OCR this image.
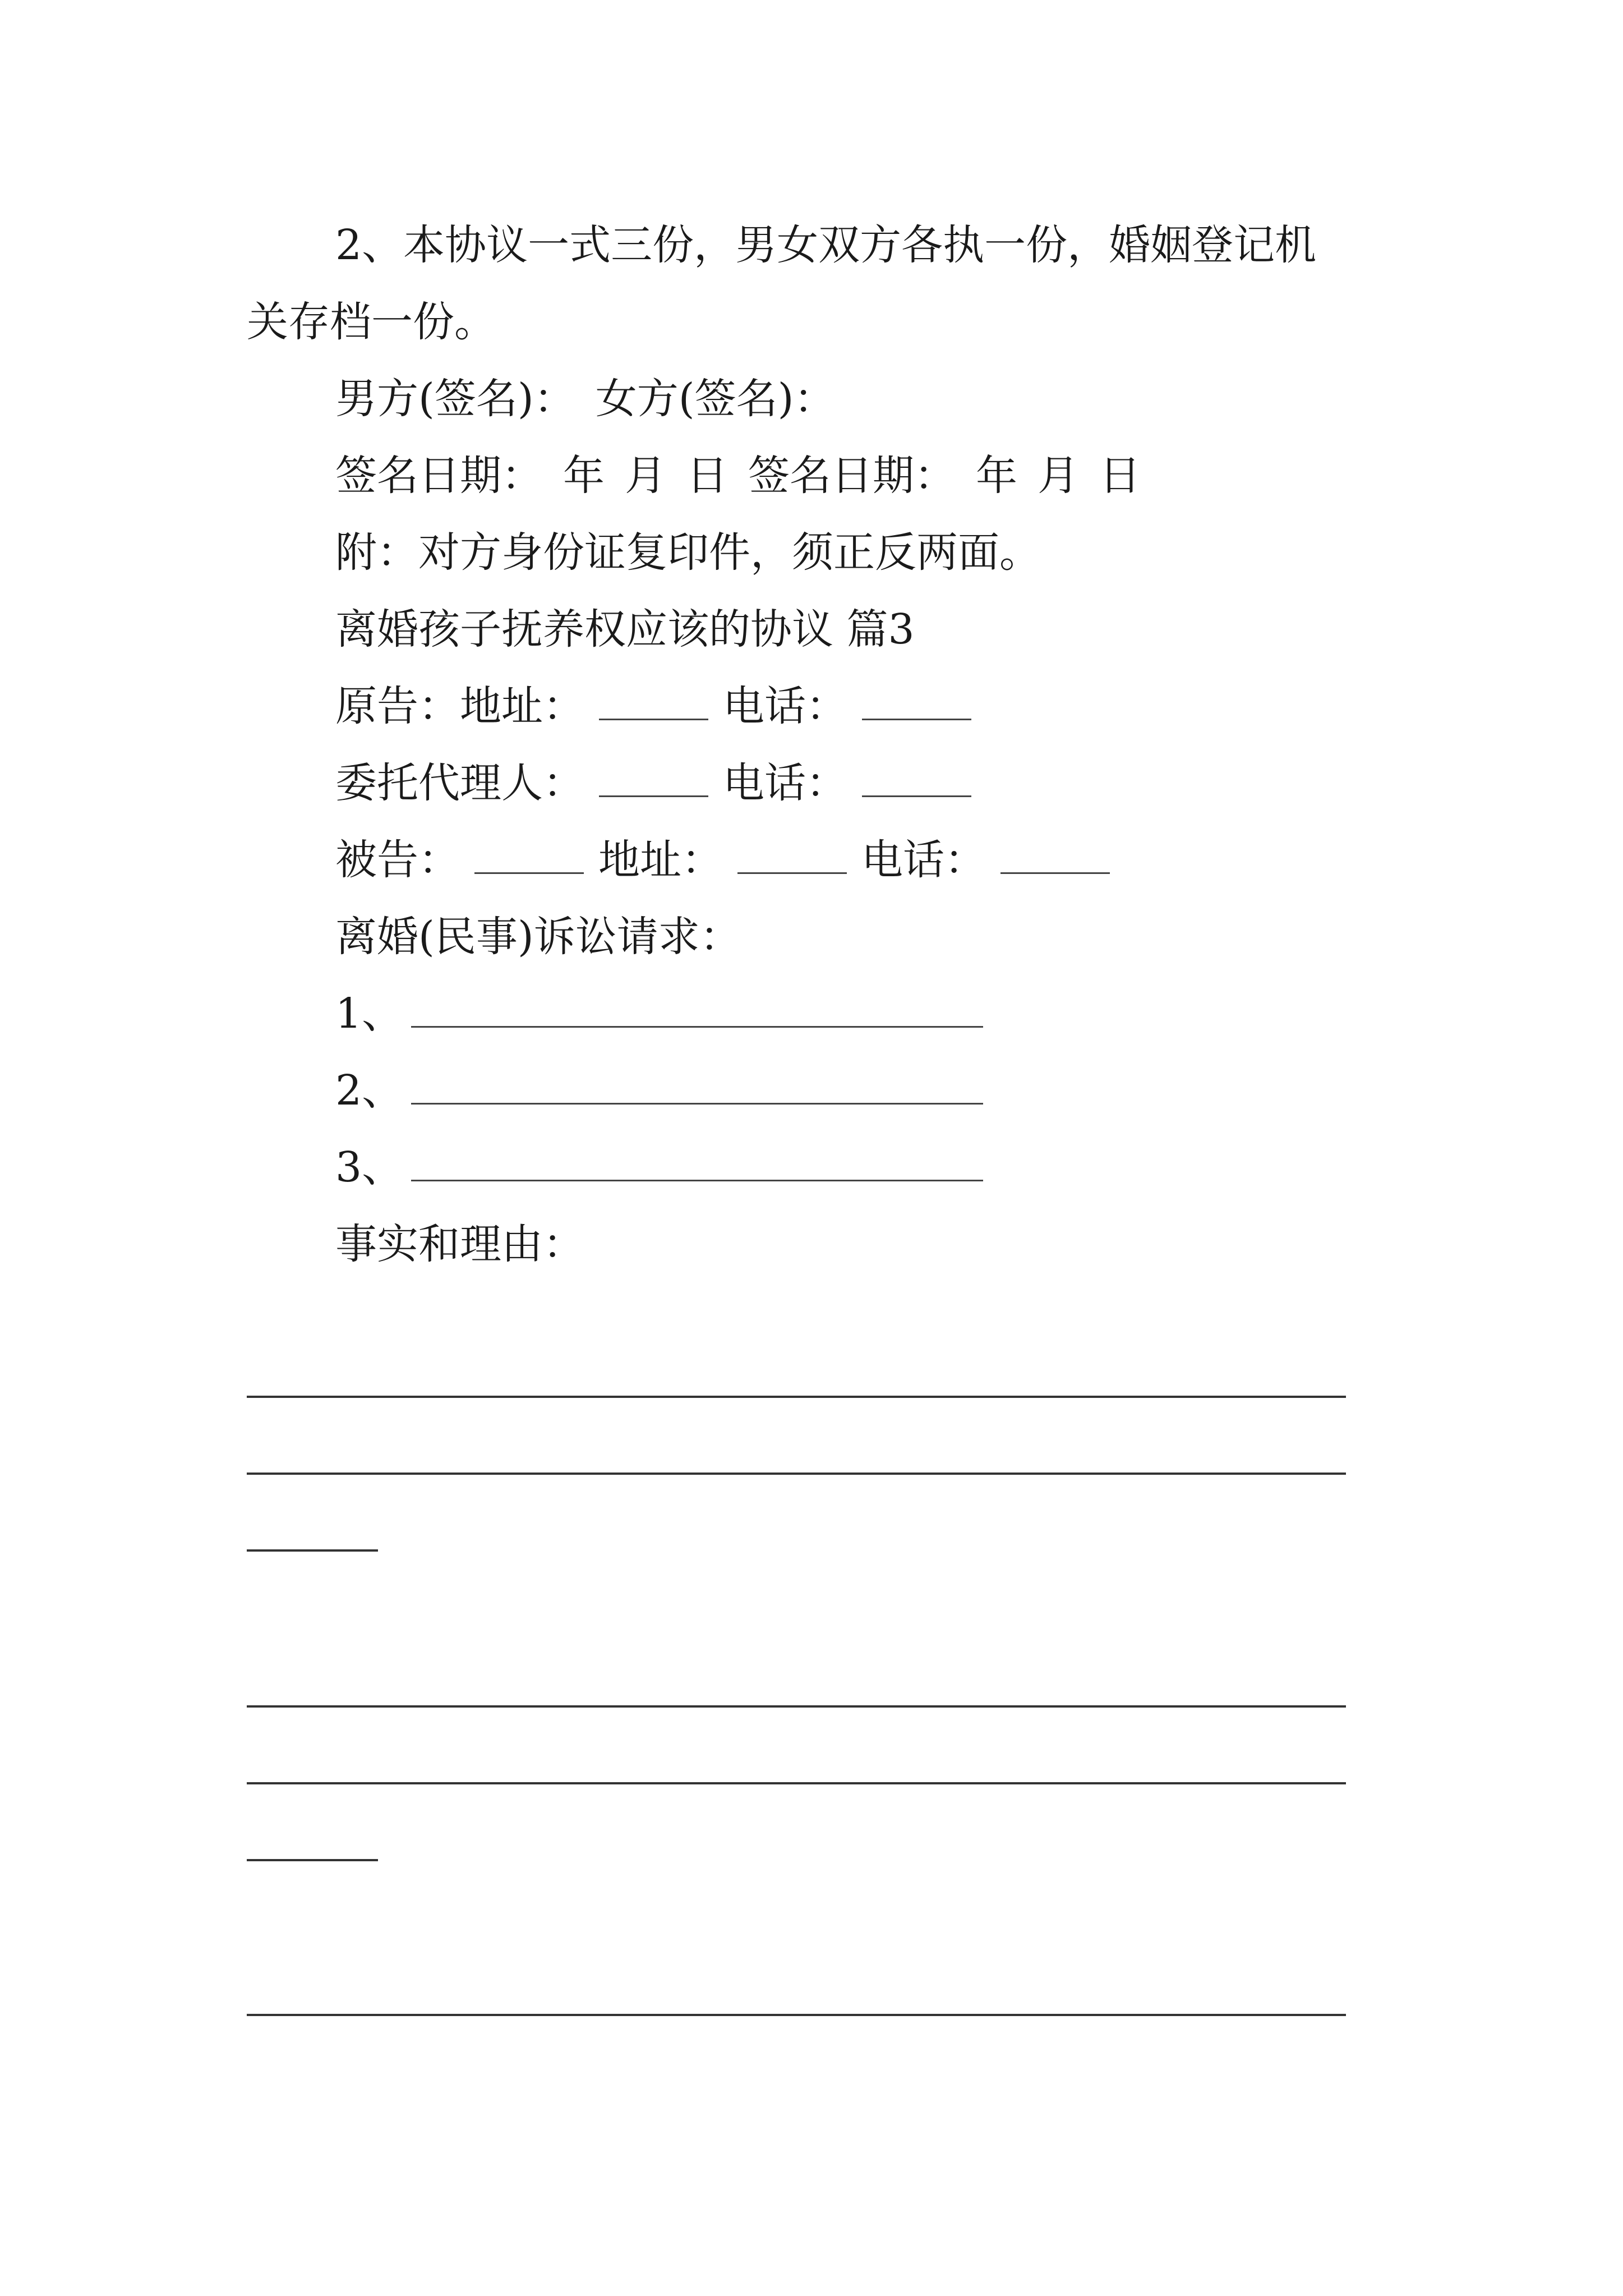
2、本协议一式三份，男女双方各执一份，婚姻登记机
关存档一份。
男方(签名)： 女方(签名)：
签名日期： 年 月 日 签名日期： 年 月 日
附：对方身份证复印件，须正反两面。
离婚孩子抚养权应该的协议 篇3
原告：地址：	电话：
委托代理人：	电话：
被告：	地址：	电话：
离婚(民事)诉讼请求：
1、
2、
3、
事实和理由：
